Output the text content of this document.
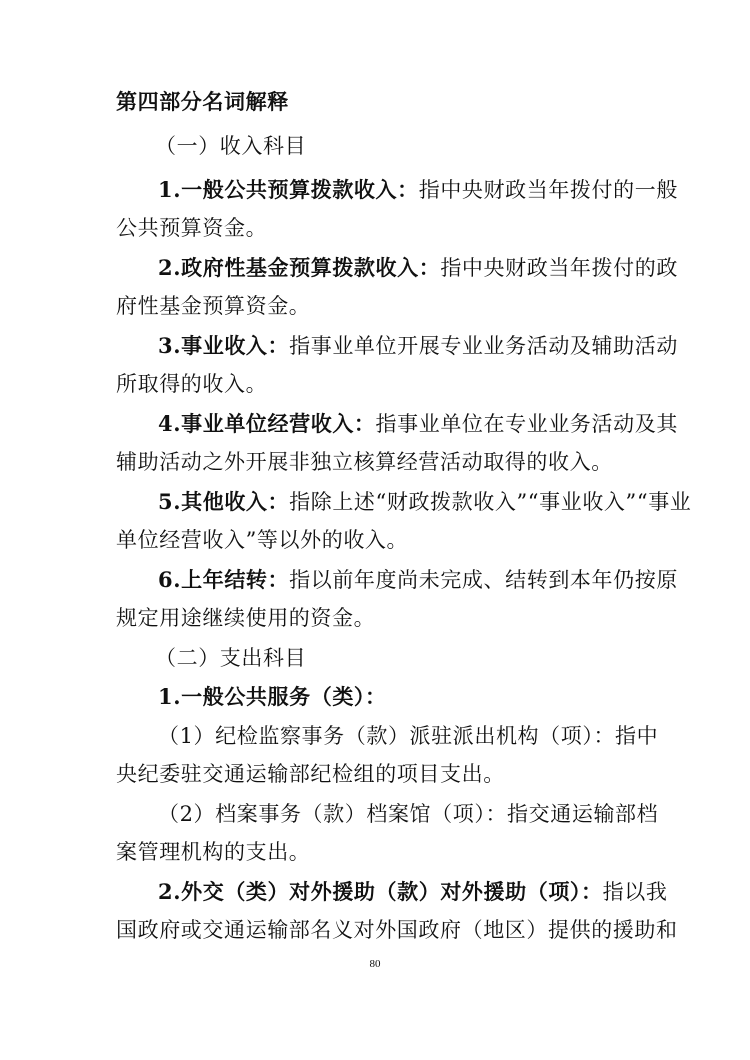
第四部分名词解释
（一）收入科目
1.一般公共预算拨款收入：指中央财政当年拨付的一般
公共预算资金。
2.政府性基金预算拨款收入：指中央财政当年拨付的政
府性基金预算资金。
3.事业收入：指事业单位开展专业业务活动及辅助活动
所取得的收入。
4.事业单位经营收入：指事业单位在专业业务活动及其
辅助活动之外开展非独立核算经营活动取得的收入。
5.其他收入：指除上述“财政拨款收入”“事业收入”“事业
单位经营收入”等以外的收入。
6.上年结转：指以前年度尚未完成、结转到本年仍按原
规定用途继续使用的资金。
（二）支出科目
1.一般公共服务（类）：
（1）纪检监察事务（款）派驻派出机构（项）：指中
央纪委驻交通运输部纪检组的项目支出。
（2）档案事务（款）档案馆（项）：指交通运输部档
案管理机构的支出。
2.外交（类）对外援助（款）对外援助（项）：指以我
国政府或交通运输部名义对外国政府（地区）提供的援助和
80
